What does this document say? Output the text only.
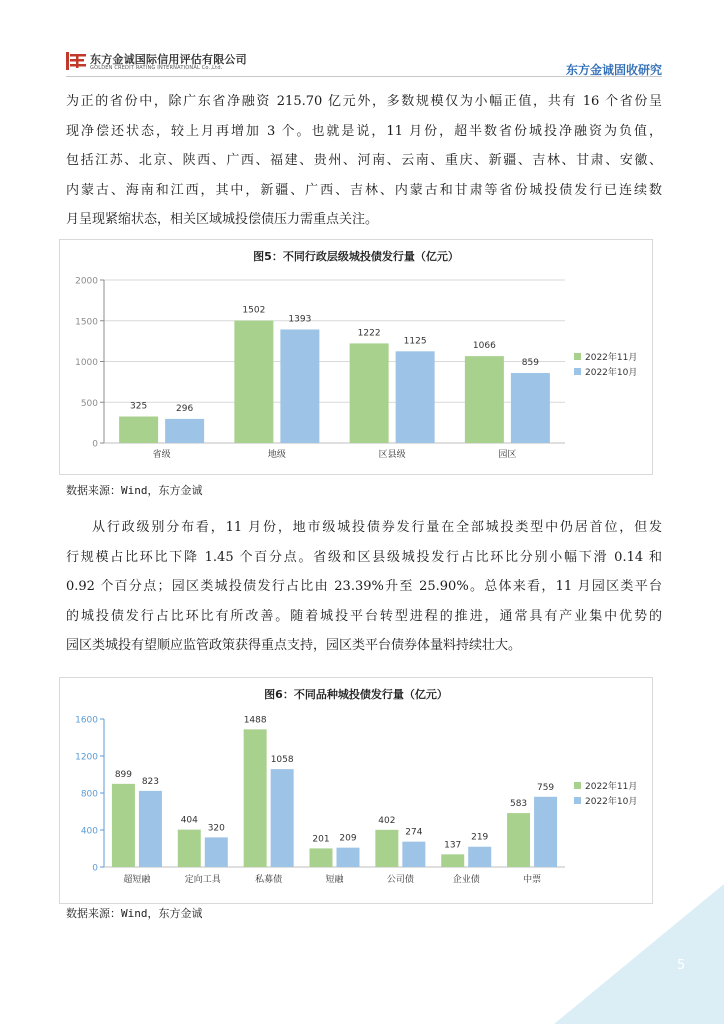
东方金诚国际信用评估有限公司
GOLDEN CREDIT RATING INTERNATIONAL Co.,Ltd.	东方金诚固收研究
为正的省份中，除广东省净融资 215.70 亿元外，多数规模仅为小幅正值，共有 16 个省份呈
现净偿还状态，较上月再增加 3 个。也就是说，11 月份，超半数省份城投净融资为负值，
包括江苏、北京、陕西、广西、福建、贵州、河南、云南、重庆、新疆、吉林、甘肃、安徽、
内蒙古、海南和江西，其中，新疆、广西、吉林、内蒙古和甘肃等省份城投债发行已连续数
月呈现紧缩状态，相关区域城投偿债压力需重点关注。
图5：不同行政层级城投债发行量（亿元）
0
500
1000
1500
2000
325	296
省级
1502
1393
地级
1222
1125
区县级
1066
859
园区
2022年11月
2022年10月
数据来源：Wind，东方金诚
从行政级别分布看，11 月份，地市级城投债券发行量在全部城投类型中仍居首位，但发
行规模占比环比下降 1.45 个百分点。省级和区县级城投发行占比环比分别小幅下滑 0.14 和
0.92 个百分点；园区类城投债发行占比由 23.39%升至 25.90%。总体来看，11 月园区类平台
的城投债发行占比环比有所改善。随着城投平台转型进程的推进，通常具有产业集中优势的
园区类城投有望顺应监管政策获得重点支持，园区类平台债券体量料持续壮大。
图6：不同品种城投债发行量（亿元）
0
400
800
1200
1600
899
823
超短融
404
320
定向工具
1488
1058
私募债
201 209
短融
402
274
公司债
137
219
企业债
583
759
中票
2022年11月
2022年10月
数据来源：Wind，东方金诚
5
